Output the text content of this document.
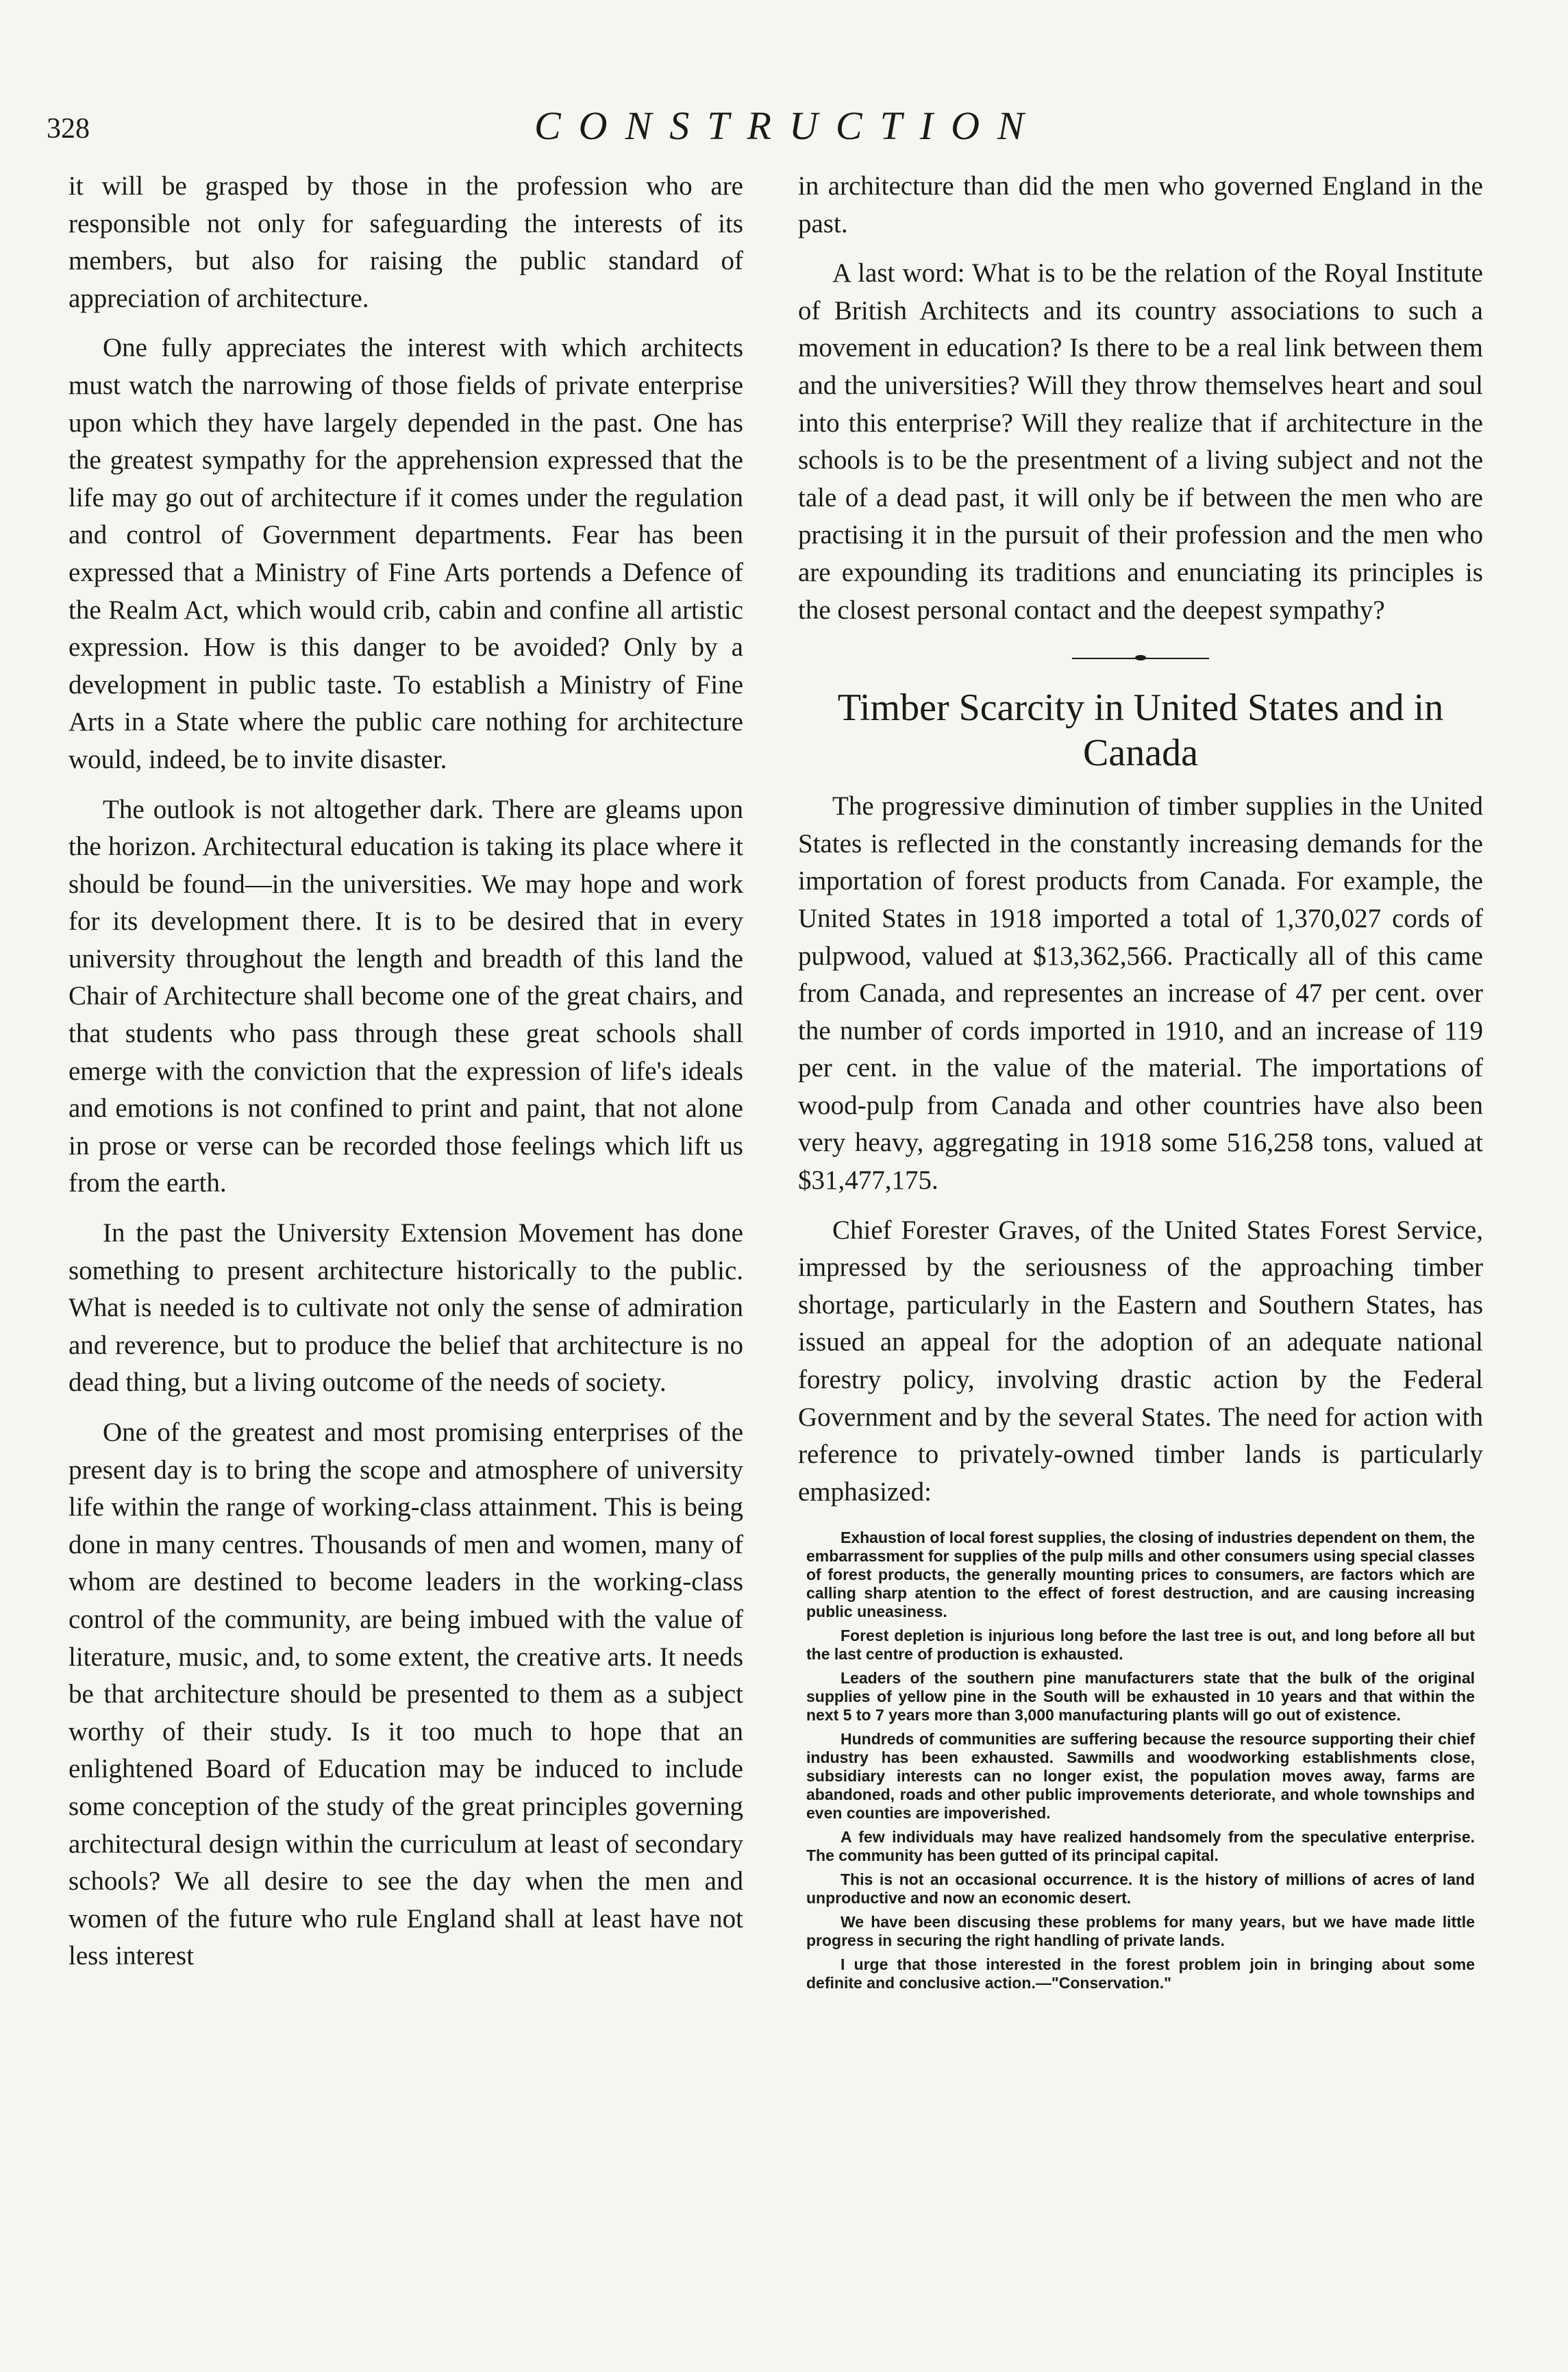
328	CONSTRUCTION

it will be grasped by those in the profession who are responsible not only for safeguarding the interests of its members, but also for raising the public standard of appreciation of architecture.

One fully appreciates the interest with which architects must watch the narrowing of those fields of private enterprise upon which they have largely depended in the past. One has the greatest sympathy for the apprehension expressed that the life may go out of architecture if it comes under the regulation and control of Government departments. Fear has been expressed that a Ministry of Fine Arts portends a Defence of the Realm Act, which would crib, cabin and confine all artistic expression. How is this danger to be avoided? Only by a development in public taste. To establish a Ministry of Fine Arts in a State where the public care nothing for architecture would, indeed, be to invite disaster.

The outlook is not altogether dark. There are gleams upon the horizon. Architectural education is taking its place where it should be found—in the universities. We may hope and work for its development there. It is to be desired that in every university throughout the length and breadth of this land the Chair of Architecture shall become one of the great chairs, and that students who pass through these great schools shall emerge with the conviction that the expression of life's ideals and emotions is not confined to print and paint, that not alone in prose or verse can be recorded those feelings which lift us from the earth.

In the past the University Extension Movement has done something to present architecture historically to the public. What is needed is to cultivate not only the sense of admiration and reverence, but to produce the belief that architecture is no dead thing, but a living outcome of the needs of society.

One of the greatest and most promising enterprises of the present day is to bring the scope and atmosphere of university life within the range of working-class attainment. This is being done in many centres. Thousands of men and women, many of whom are destined to become leaders in the working-class control of the community, are being imbued with the value of literature, music, and, to some extent, the creative arts. It needs be that architecture should be presented to them as a subject worthy of their study. Is it too much to hope that an enlightened Board of Education may be induced to include some conception of the study of the great principles governing architectural design within the curriculum at least of secondary schools? We all desire to see the day when the men and women of the future who rule England shall at least have not less interest

in architecture than did the men who governed England in the past.

A last word: What is to be the relation of the Royal Institute of British Architects and its country associations to such a movement in education? Is there to be a real link between them and the universities? Will they throw themselves heart and soul into this enterprise? Will they realize that if architecture in the schools is to be the presentment of a living subject and not the tale of a dead past, it will only be if between the men who are practising it in the pursuit of their profession and the men who are expounding its traditions and enunciating its principles is the closest personal contact and the deepest sympathy?

Timber Scarcity in United States and in Canada

The progressive diminution of timber supplies in the United States is reflected in the constantly increasing demands for the importation of forest products from Canada. For example, the United States in 1918 imported a total of 1,370,027 cords of pulpwood, valued at $13,362,566. Practically all of this came from Canada, and representes an increase of 47 per cent. over the number of cords imported in 1910, and an increase of 119 per cent. in the value of the material. The importations of wood-pulp from Canada and other countries have also been very heavy, aggregating in 1918 some 516,258 tons, valued at $31,477,175.

Chief Forester Graves, of the United States Forest Service, impressed by the seriousness of the approaching timber shortage, particularly in the Eastern and Southern States, has issued an appeal for the adoption of an adequate national forestry policy, involving drastic action by the Federal Government and by the several States. The need for action with reference to privately-owned timber lands is particularly emphasized:

Exhaustion of local forest supplies, the closing of industries dependent on them, the embarrassment for supplies of the pulp mills and other consumers using special classes of forest products, the generally mounting prices to consumers, are factors which are calling sharp atention to the effect of forest destruction, and are causing increasing public uneasiness.

Forest depletion is injurious long before the last tree is out, and long before all but the last centre of production is exhausted.

Leaders of the southern pine manufacturers state that the bulk of the original supplies of yellow pine in the South will be exhausted in 10 years and that within the next 5 to 7 years more than 3,000 manufacturing plants will go out of existence.

Hundreds of communities are suffering because the resource supporting their chief industry has been exhausted. Sawmills and woodworking establishments close, subsidiary interests can no longer exist, the population moves away, farms are abandoned, roads and other public improvements deteriorate, and whole townships and even counties are impoverished.

A few individuals may have realized handsomely from the speculative enterprise. The community has been gutted of its principal capital.

This is not an occasional occurrence. It is the history of millions of acres of land unproductive and now an economic desert.

We have been discusing these problems for many years, but we have made little progress in securing the right handling of private lands.

I urge that those interested in the forest problem join in bringing about some definite and conclusive action.—"Conservation."
